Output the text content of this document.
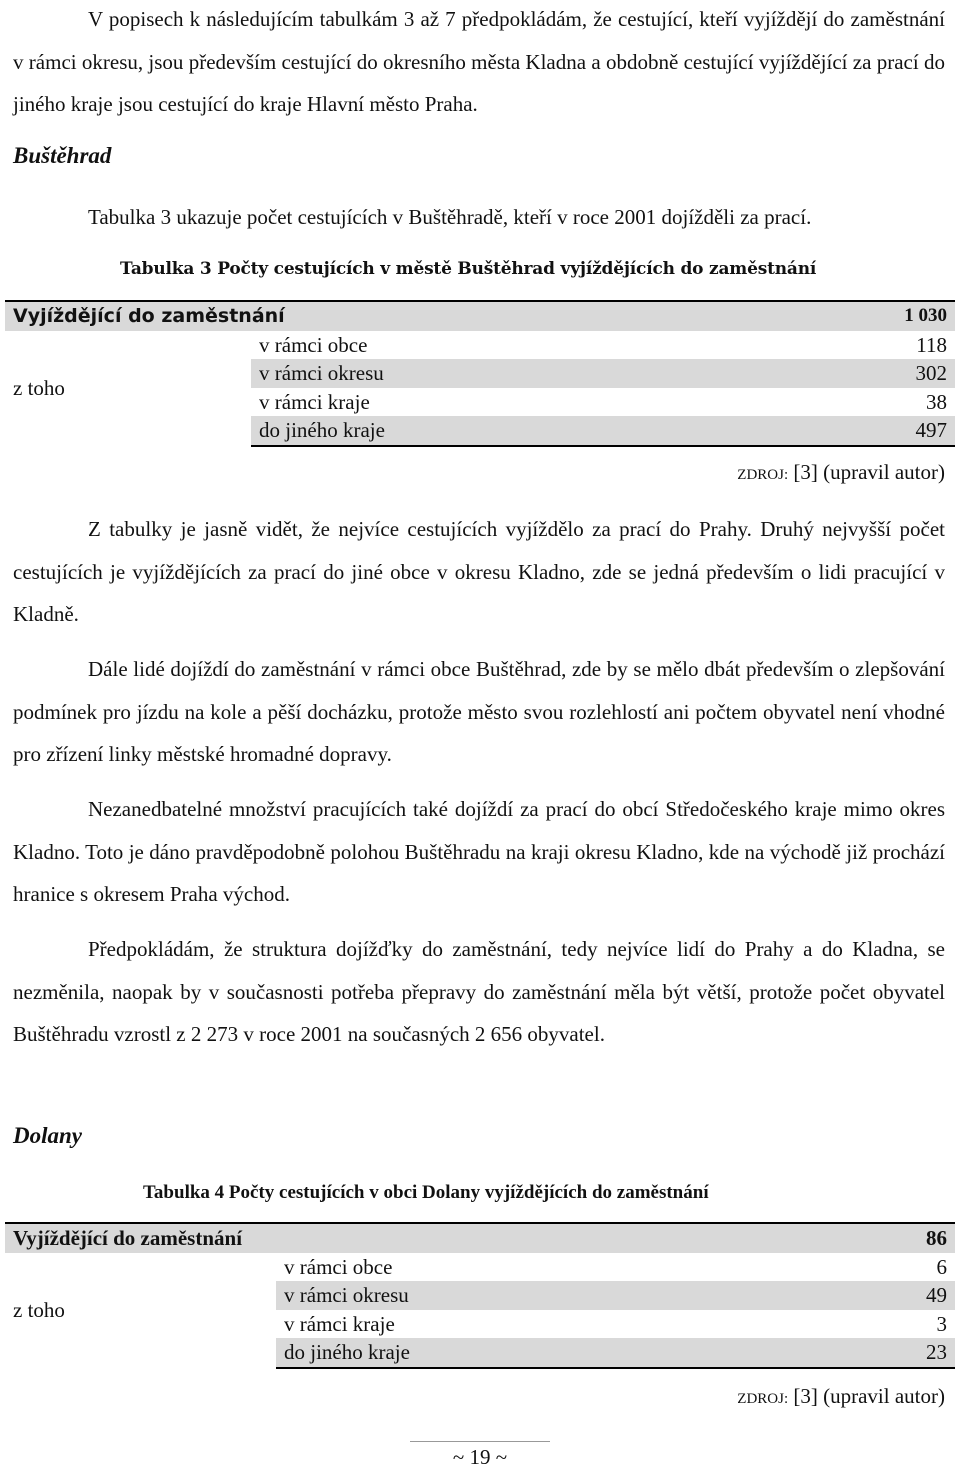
V popisech k následujícím tabulkám 3 až 7 předpokládám, že cestující, kteří vyjíždějí do zaměstnání v rámci okresu, jsou především cestující do okresního města Kladna a obdobně cestující vyjíždějící za prací do jiného kraje jsou cestující do kraje Hlavní město Praha.

Buštěhrad

Tabulka 3 ukazuje počet cestujících v Buštěhradě, kteří v roce 2001 dojížděli za prací.

Tabulka 3 Počty cestujících v městě Buštěhrad vyjíždějících do zaměstnání

Vyjíždějící do zaměstnání		1 030
z toho	v rámci obce	118
	v rámci okresu	302
	v rámci kraje	38
	do jiného kraje	497

ZDROJ: [3] (upravil autor)

Z tabulky je jasně vidět, že nejvíce cestujících vyjíždělo za prací do Prahy. Druhý nejvyšší počet cestujících je vyjíždějících za prací do jiné obce v okresu Kladno, zde se jedná především o lidi pracující v Kladně.

Dále lidé dojíždí do zaměstnání v rámci obce Buštěhrad, zde by se mělo dbát především o zlepšování podmínek pro jízdu na kole a pěší docházku, protože město svou rozlehlostí ani počtem obyvatel není vhodné pro zřízení linky městské hromadné dopravy.

Nezanedbatelné množství pracujících také dojíždí za prací do obcí Středočeského kraje mimo okres Kladno. Toto je dáno pravděpodobně polohou Buštěhradu na kraji okresu Kladno, kde na východě již prochází hranice s okresem Praha východ.

Předpokládám, že struktura dojížďky do zaměstnání, tedy nejvíce lidí do Prahy a do Kladna, se nezměnila, naopak by v současnosti potřeba přepravy do zaměstnání měla být větší, protože počet obyvatel Buštěhradu vzrostl z 2 273 v roce 2001 na současných 2 656 obyvatel.

Dolany

Tabulka 4 Počty cestujících v obci Dolany vyjíždějících do zaměstnání

Vyjíždějící do zaměstnání		86
z toho	v rámci obce	6
	v rámci okresu	49
	v rámci kraje	3
	do jiného kraje	23

ZDROJ: [3] (upravil autor)

~ 19 ~
